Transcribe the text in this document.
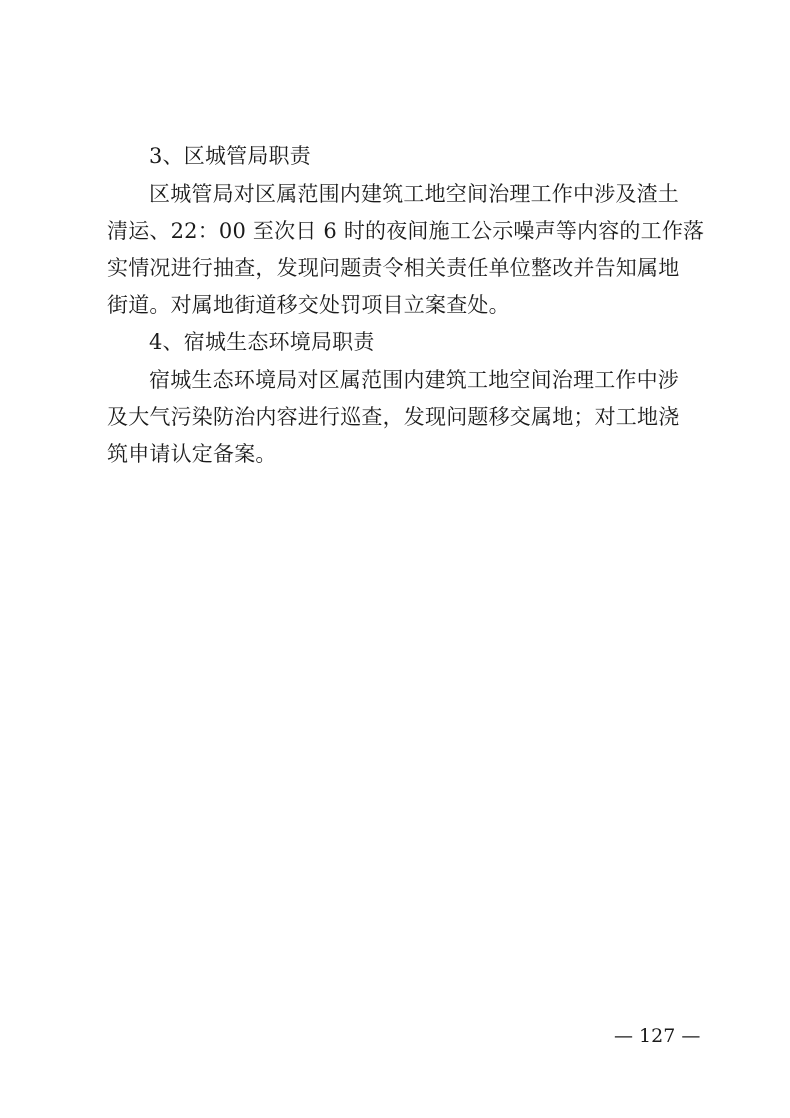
3、区城管局职责
区城管局对区属范围内建筑工地空间治理工作中涉及渣土
清运、22：00 至次日 6 时的夜间施工公示噪声等内容的工作落
实情况进行抽查，发现问题责令相关责任单位整改并告知属地
街道。对属地街道移交处罚项目立案查处。
4、宿城生态环境局职责
宿城生态环境局对区属范围内建筑工地空间治理工作中涉
及大气污染防治内容进行巡查，发现问题移交属地；对工地浇
筑申请认定备案。
— 127 —
